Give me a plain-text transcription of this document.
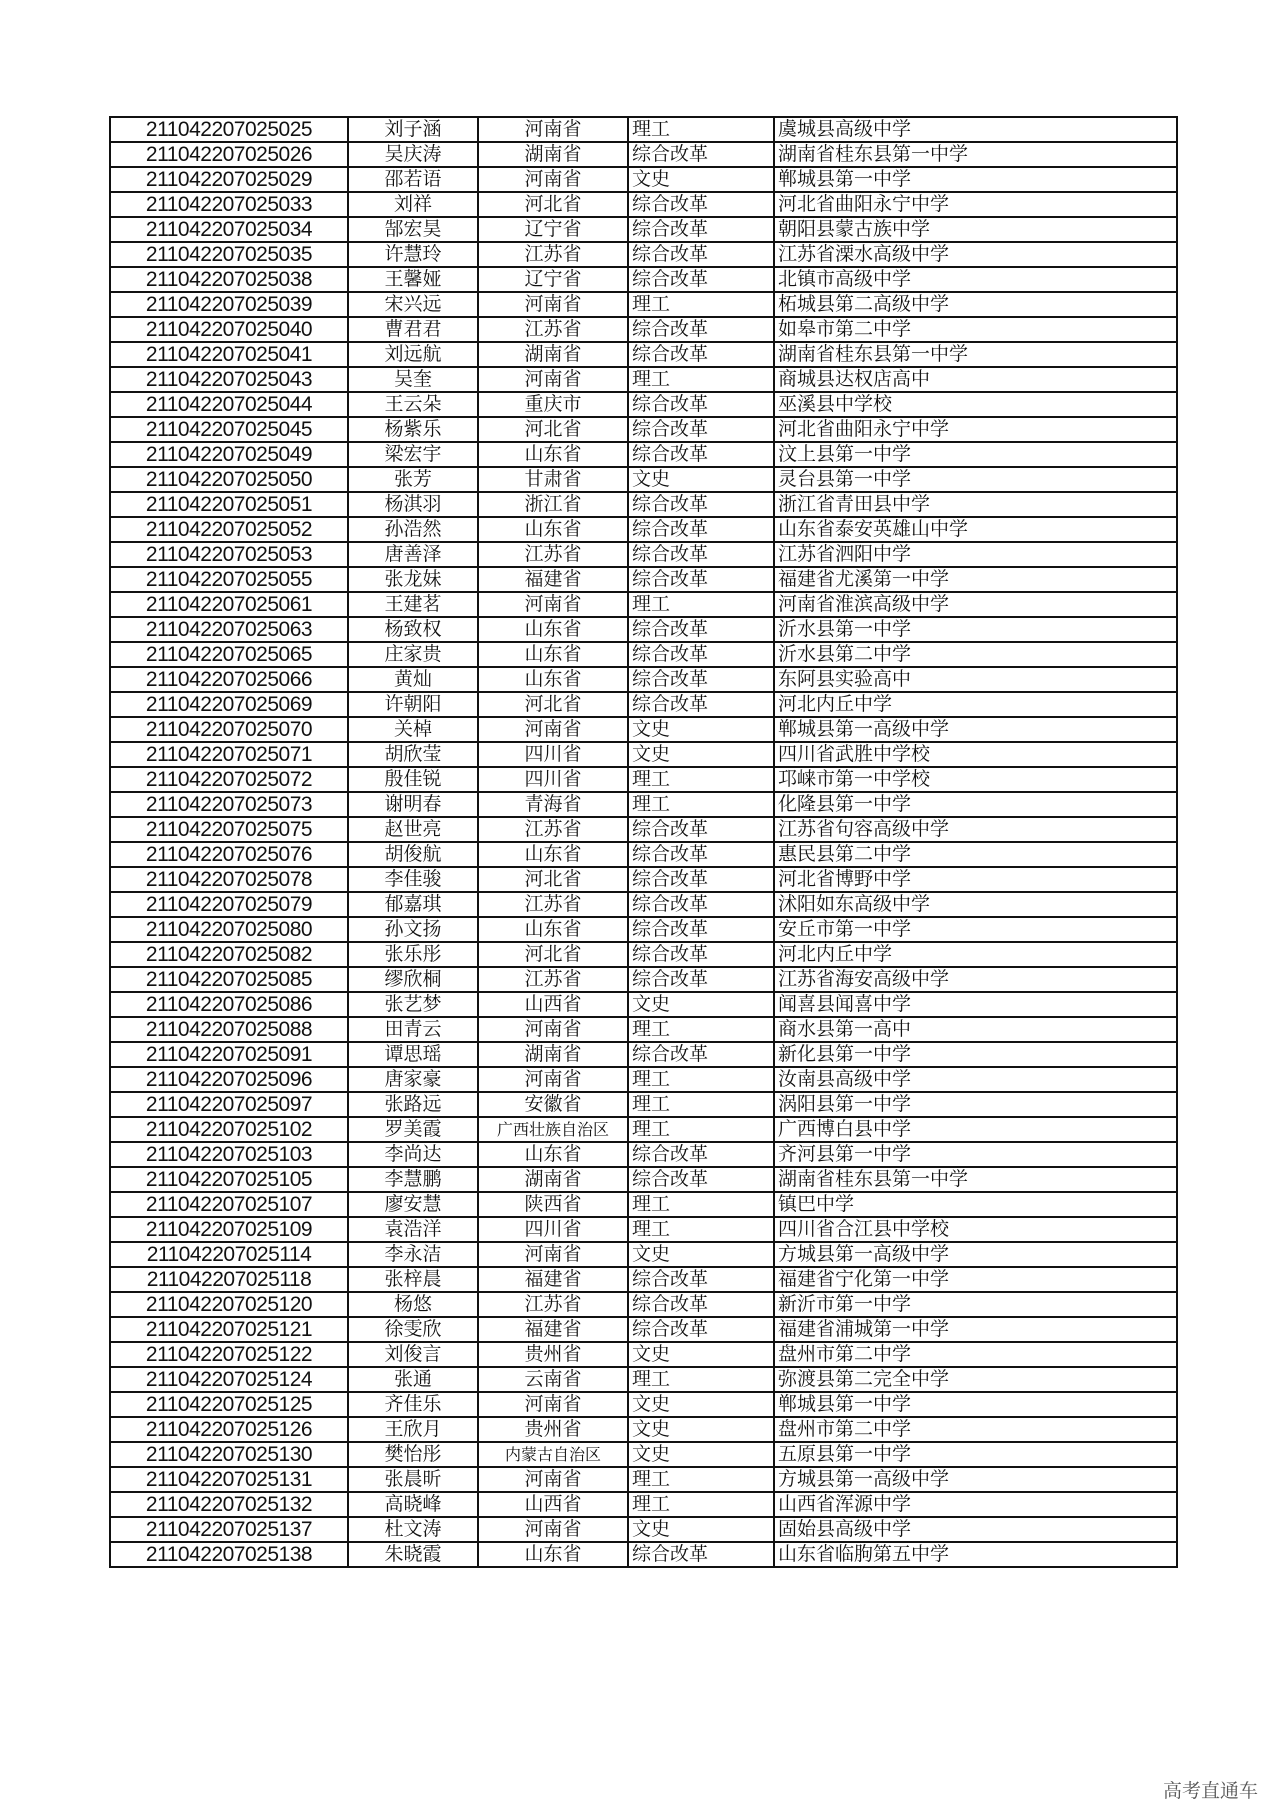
211042207025025	刘子涵	河南省	理工	虞城县高级中学
211042207025026	吴庆涛	湖南省	综合改革	湖南省桂东县第一中学
211042207025029	邵若语	河南省	文史	郸城县第一中学
211042207025033	刘祥	河北省	综合改革	河北省曲阳永宁中学
211042207025034	郜宏昊	辽宁省	综合改革	朝阳县蒙古族中学
211042207025035	许慧玲	江苏省	综合改革	江苏省溧水高级中学
211042207025038	王馨娅	辽宁省	综合改革	北镇市高级中学
211042207025039	宋兴远	河南省	理工	柘城县第二高级中学
211042207025040	曹君君	江苏省	综合改革	如皋市第二中学
211042207025041	刘远航	湖南省	综合改革	湖南省桂东县第一中学
211042207025043	吴奎	河南省	理工	商城县达权店高中
211042207025044	王云朵	重庆市	综合改革	巫溪县中学校
211042207025045	杨紫乐	河北省	综合改革	河北省曲阳永宁中学
211042207025049	梁宏宇	山东省	综合改革	汶上县第一中学
211042207025050	张芳	甘肃省	文史	灵台县第一中学
211042207025051	杨淇羽	浙江省	综合改革	浙江省青田县中学
211042207025052	孙浩然	山东省	综合改革	山东省泰安英雄山中学
211042207025053	唐善泽	江苏省	综合改革	江苏省泗阳中学
211042207025055	张龙妹	福建省	综合改革	福建省尤溪第一中学
211042207025061	王建茗	河南省	理工	河南省淮滨高级中学
211042207025063	杨致权	山东省	综合改革	沂水县第一中学
211042207025065	庄家贵	山东省	综合改革	沂水县第二中学
211042207025066	黄灿	山东省	综合改革	东阿县实验高中
211042207025069	许朝阳	河北省	综合改革	河北内丘中学
211042207025070	关棹	河南省	文史	郸城县第一高级中学
211042207025071	胡欣莹	四川省	文史	四川省武胜中学校
211042207025072	殷佳锐	四川省	理工	邛崃市第一中学校
211042207025073	谢明春	青海省	理工	化隆县第一中学
211042207025075	赵世亮	江苏省	综合改革	江苏省句容高级中学
211042207025076	胡俊航	山东省	综合改革	惠民县第二中学
211042207025078	李佳骏	河北省	综合改革	河北省博野中学
211042207025079	郁嘉琪	江苏省	综合改革	沭阳如东高级中学
211042207025080	孙文扬	山东省	综合改革	安丘市第一中学
211042207025082	张乐彤	河北省	综合改革	河北内丘中学
211042207025085	缪欣桐	江苏省	综合改革	江苏省海安高级中学
211042207025086	张艺梦	山西省	文史	闻喜县闻喜中学
211042207025088	田青云	河南省	理工	商水县第一高中
211042207025091	谭思瑶	湖南省	综合改革	新化县第一中学
211042207025096	唐家豪	河南省	理工	汝南县高级中学
211042207025097	张路远	安徽省	理工	涡阳县第一中学
211042207025102	罗美霞	广西壮族自治区	理工	广西博白县中学
211042207025103	李尚达	山东省	综合改革	齐河县第一中学
211042207025105	李慧鹏	湖南省	综合改革	湖南省桂东县第一中学
211042207025107	廖安慧	陕西省	理工	镇巴中学
211042207025109	袁浩洋	四川省	理工	四川省合江县中学校
211042207025114	李永洁	河南省	文史	方城县第一高级中学
211042207025118	张梓晨	福建省	综合改革	福建省宁化第一中学
211042207025120	杨悠	江苏省	综合改革	新沂市第一中学
211042207025121	徐雯欣	福建省	综合改革	福建省浦城第一中学
211042207025122	刘俊言	贵州省	文史	盘州市第二中学
211042207025124	张通	云南省	理工	弥渡县第二完全中学
211042207025125	齐佳乐	河南省	文史	郸城县第一中学
211042207025126	王欣月	贵州省	文史	盘州市第二中学
211042207025130	樊怡彤	内蒙古自治区	文史	五原县第一中学
211042207025131	张晨昕	河南省	理工	方城县第一高级中学
211042207025132	高晓峰	山西省	理工	山西省浑源中学
211042207025137	杜文涛	河南省	文史	固始县高级中学
211042207025138	朱晓霞	山东省	综合改革	山东省临朐第五中学
高考直通车
